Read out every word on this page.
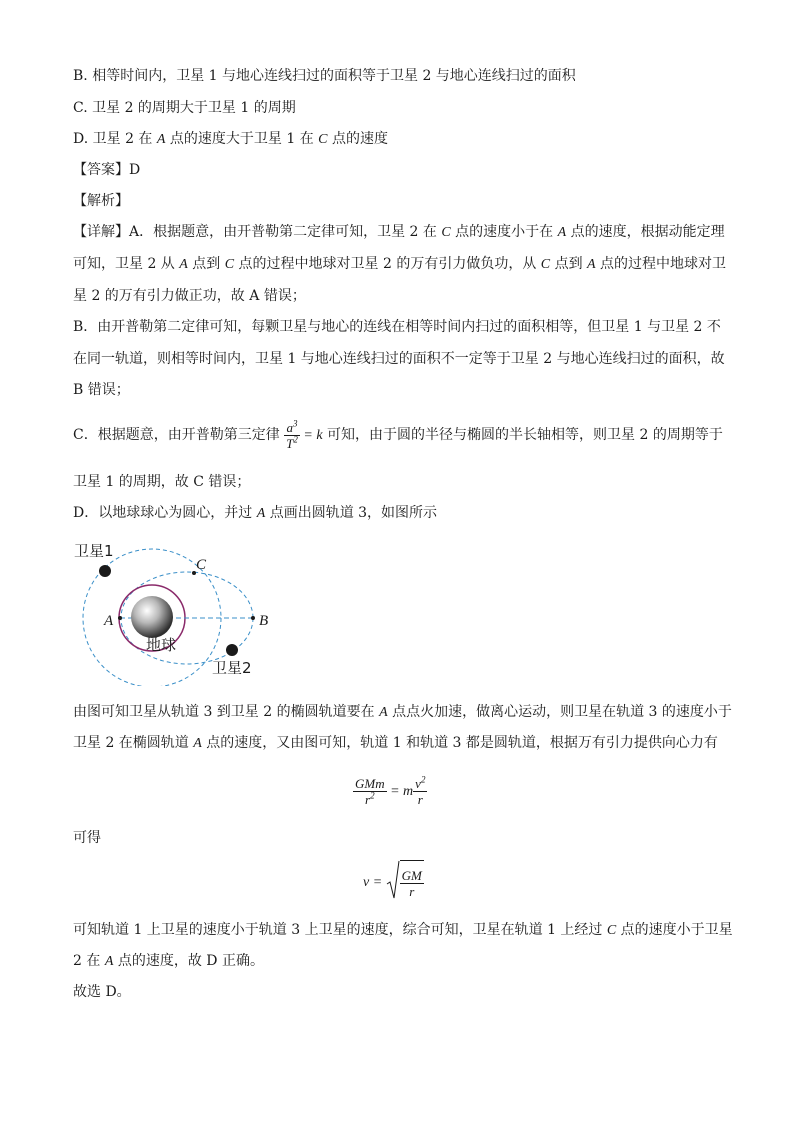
B. 相等时间内，卫星 1 与地心连线扫过的面积等于卫星 2 与地心连线扫过的面积
C. 卫星 2 的周期大于卫星 1 的周期
D. 卫星 2 在 A 点的速度大于卫星 1 在 C 点的速度
【答案】D
【解析】
【详解】A．根据题意，由开普勒第二定律可知，卫星 2 在 C 点的速度小于在 A 点的速度，根据动能定理
可知，卫星 2 从 A 点到 C 点的过程中地球对卫星 2 的万有引力做负功，从 C 点到 A 点的过程中地球对卫
星 2 的万有引力做正功，故 A 错误；
B．由开普勒第二定律可知，每颗卫星与地心的连线在相等时间内扫过的面积相等，但卫星 1 与卫星 2 不
在同一轨道，则相等时间内，卫星 1 与地心连线扫过的面积不一定等于卫星 2 与地心连线扫过的面积，故
B 错误；
C．根据题意，由开普勒第三定律 $\frac{a^3}{T^2} = k$ 可知，由于圆的半径与椭圆的半长轴相等，则卫星 2 的周期等于
卫星 1 的周期，故 C 错误；
D．以地球球心为圆心，并过 A 点画出圆轨道 3，如图所示
卫星1
卫星2
地球
A	B
C
由图可知卫星从轨道 3 到卫星 2 的椭圆轨道要在 A 点点火加速，做离心运动，则卫星在轨道 3 的速度小于
卫星 2 在椭圆轨道 A 点的速度，又由图可知，轨道 1 和轨道 3 都是圆轨道，根据万有引力提供向心力有
$\frac{\text{GMm}}{r^2} = m \frac{v^2}{r}$
可得
$v = \frac{GM}{r}$
可知轨道 1 上卫星的速度小于轨道 3 上卫星的速度，综合可知，卫星在轨道 1 上经过 C 点的速度小于卫星
2 在 A 点的速度，故 D 正确。
故选 D。
